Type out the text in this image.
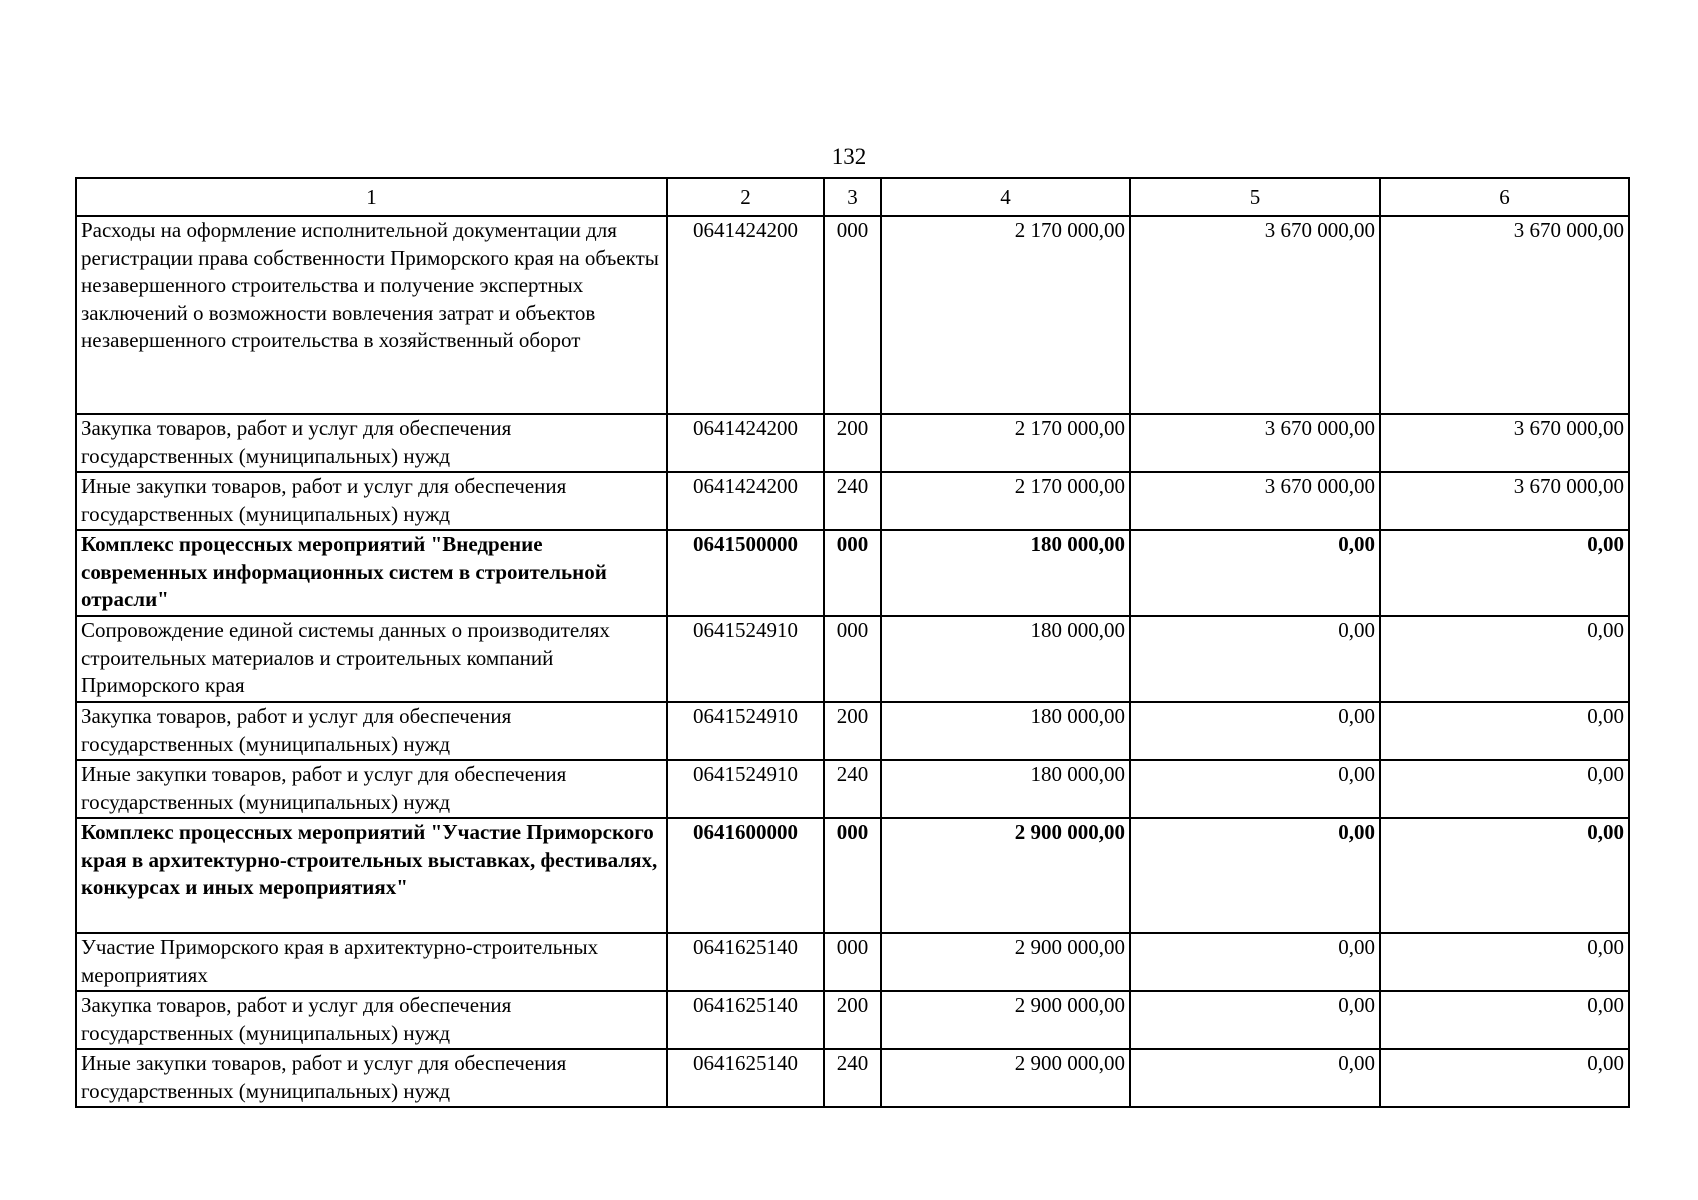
132
1	2	3	4	5	6
Расходы на оформление исполнительной документации для регистрации права собственности Приморского края на объекты незавершенного строительства и получение экспертных заключений о возможности вовлечения затрат и объектов незавершенного строительства в хозяйственный оборот	0641424200	000	2 170 000,00	3 670 000,00	3 670 000,00
Закупка товаров, работ и услуг для обеспечения государственных (муниципальных) нужд	0641424200	200	2 170 000,00	3 670 000,00	3 670 000,00
Иные закупки товаров, работ и услуг для обеспечения государственных (муниципальных) нужд	0641424200	240	2 170 000,00	3 670 000,00	3 670 000,00
Комплекс процессных мероприятий "Внедрение современных информационных систем в строительной отрасли"	0641500000	000	180 000,00	0,00	0,00
Сопровождение единой системы данных о производителях строительных материалов и строительных компаний Приморского края	0641524910	000	180 000,00	0,00	0,00
Закупка товаров, работ и услуг для обеспечения государственных (муниципальных) нужд	0641524910	200	180 000,00	0,00	0,00
Иные закупки товаров, работ и услуг для обеспечения государственных (муниципальных) нужд	0641524910	240	180 000,00	0,00	0,00
Комплекс процессных мероприятий "Участие Приморского края в архитектурно-строительных выставках, фестивалях, конкурсах и иных мероприятиях"	0641600000	000	2 900 000,00	0,00	0,00
Участие Приморского края в архитектурно-строительных мероприятиях	0641625140	000	2 900 000,00	0,00	0,00
Закупка товаров, работ и услуг для обеспечения государственных (муниципальных) нужд	0641625140	200	2 900 000,00	0,00	0,00
Иные закупки товаров, работ и услуг для обеспечения государственных (муниципальных) нужд	0641625140	240	2 900 000,00	0,00	0,00
